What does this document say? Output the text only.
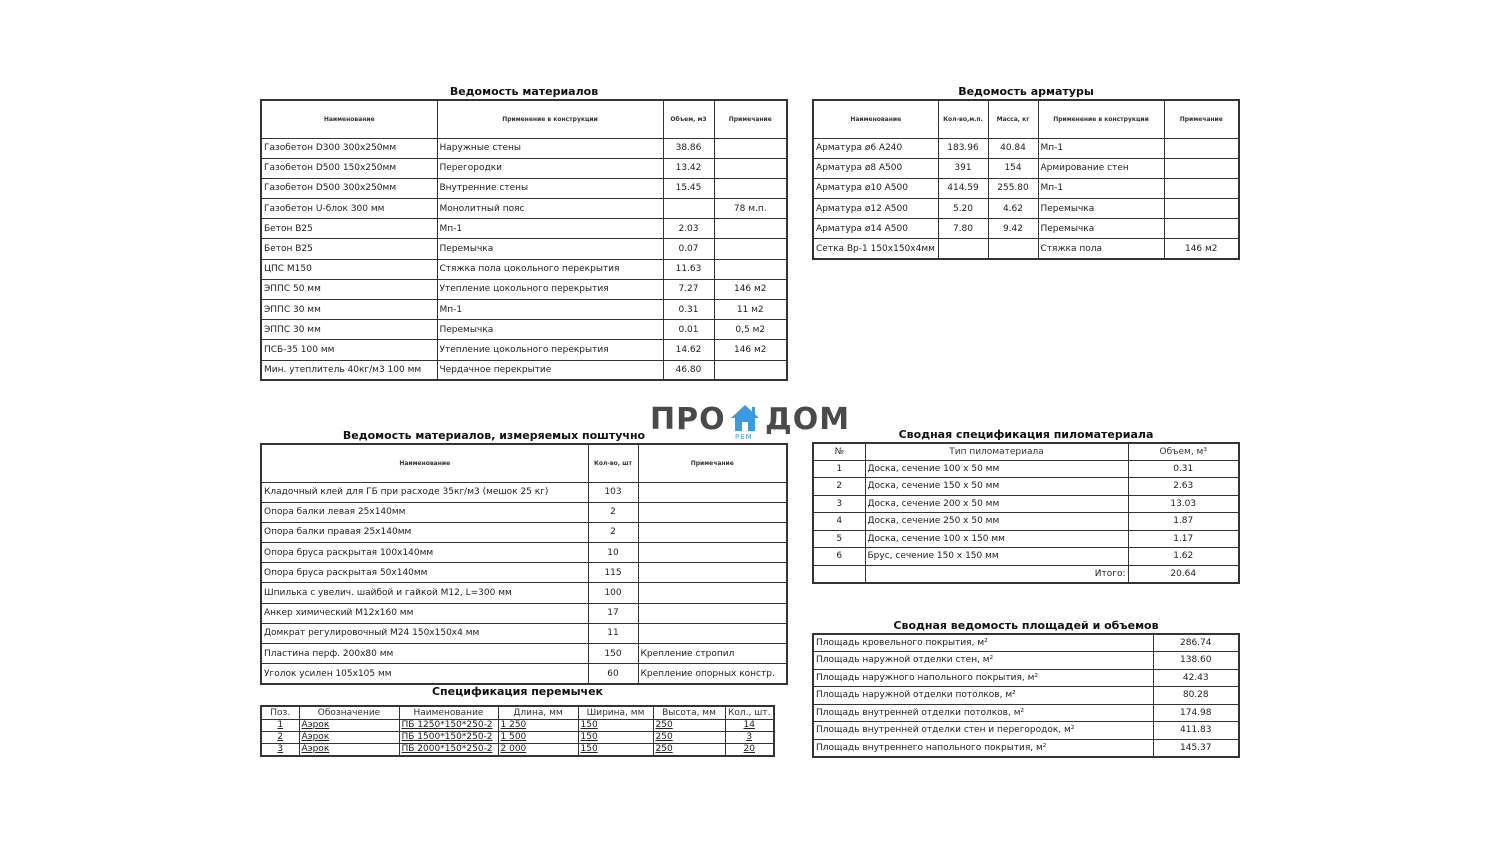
Ведомость материалов
Наименование	Применение в конструкции	Объем, м3	Примечание
Газобетон D300 300х250мм	Наружные стены	38.86	
Газобетон D500 150х250мм	Перегородки	13.42	
Газобетон D500 300х250мм	Внутренние стены	15.45	
Газобетон U-блок 300 мм	Монолитный пояс		78 м.п.
Бетон B25	Мп-1	2.03	
Бетон B25	Перемычка	0.07	
ЦПС М150	Стяжка пола цокольного перекрытия	11.63	
ЭППС 50 мм	Утепление цокольного перекрытия	7.27	146 м2
ЭППС 30 мм	Мп-1	0.31	11 м2
ЭППС 30 мм	Перемычка	0.01	0,5 м2
ПСБ-35 100 мм	Утепление цокольного перекрытия	14.62	146 м2
Мин. утеплитель 40кг/м3 100 мм	Чердачное перекрытие	46.80	
Ведомость арматуры
Наименование	Кол-во,м.п.	Масса, кг	Применение в конструкции	Примечание
Арматура ø6 А240	183.96	40.84	Мп-1	
Арматура ø8 А500	391	154	Армирование стен	
Арматура ø10 А500	414.59	255.80	Мп-1	
Арматура ø12 А500	5.20	4.62	Перемычка	
Арматура ø14 А500	7.80	9.42	Перемычка	
Сетка Вр-1 150х150х4мм			Стяжка пола	146 м2
ПРО РЕМ ДОМ
Ведомость материалов, измеряемых поштучно
Наименование	Кол-во, шт	Примечание
Кладочный клей для ГБ при расходе 35кг/м3 (мешок 25 кг)	103	
Опора балки левая 25х140мм	2	
Опора балки правая 25х140мм	2	
Опора бруса раскрытая 100х140мм	10	
Опора бруса раскрытая 50х140мм	115	
Шпилька с увелич. шайбой и гайкой М12, L=300 мм	100	
Анкер химический М12х160 мм	17	
Домкрат регулировочный М24 150х150х4 мм	11	
Пластина перф. 200х80 мм	150	Крепление стропил
Уголок усилен 105х105 мм	60	Крепление опорных констр.
Спецификация перемычек
Поз.	Обозначение	Наименование	Длина, мм	Ширина, мм	Высота, мм	Кол., шт.
1	Аэрок	ПБ 1250*150*250-2	1 250	150	250	14
2	Аэрок	ПБ 1500*150*250-2	1 500	150	250	3
3	Аэрок	ПБ 2000*150*250-2	2 000	150	250	20
Сводная спецификация пиломатериала
№	Тип пиломатериала	Объем, м³
1	Доска, сечение 100 х 50 мм	0.31
2	Доска, сечение 150 х 50 мм	2.63
3	Доска, сечение 200 х 50 мм	13.03
4	Доска, сечение 250 х 50 мм	1.87
5	Доска, сечение 100 х 150 мм	1.17
6	Брус, сечение 150 х 150 мм	1.62
	Итого:	20.64
Сводная ведомость площадей и объемов
Площадь кровельного покрытия, м²	286.74
Площадь наружной отделки стен, м²	138.60
Площадь наружного напольного покрытия, м²	42.43
Площадь наружной отделки потолков, м²	80.28
Площадь внутренней отделки потолков, м²	174.98
Площадь внутренней отделки стен и перегородок, м²	411.83
Площадь внутреннего напольного покрытия, м²	145.37
